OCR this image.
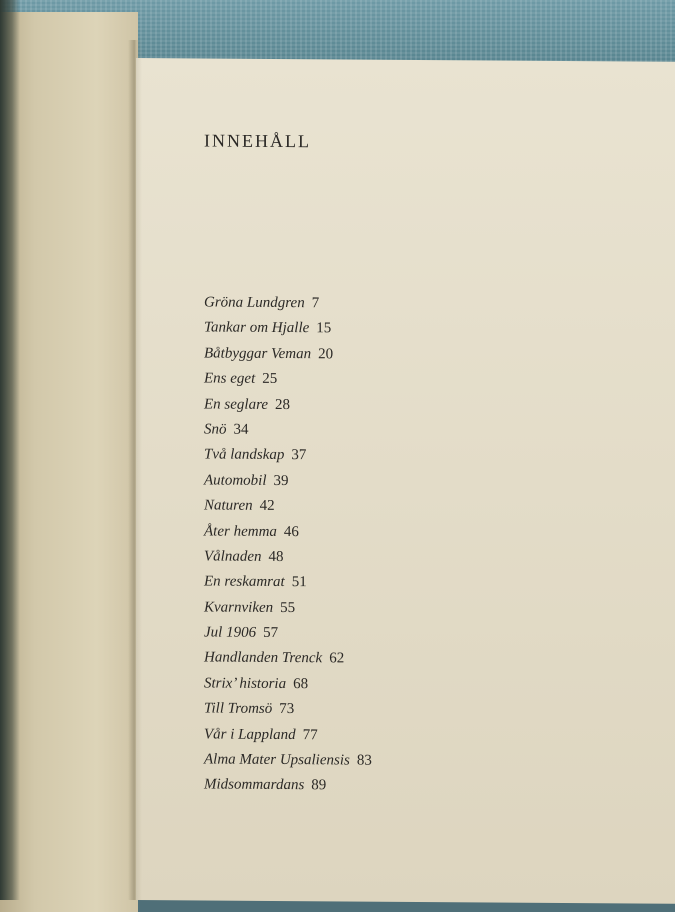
INNEHÅLL
Gröna Lundgren 7
Tankar om Hjalle 15
Båtbyggar Veman 20
Ens eget 25
En seglare 28
Snö 34
Två landskap 37
Automobil 39
Naturen 42
Åter hemma 46
Vålnaden 48
En reskamrat 51
Kvarnviken 55
Jul 1906 57
Handlanden Trenck 62
Strix’ historia 68
Till Tromsö 73
Vår i Lappland 77
Alma Mater Upsaliensis 83
Midsommardans 89
